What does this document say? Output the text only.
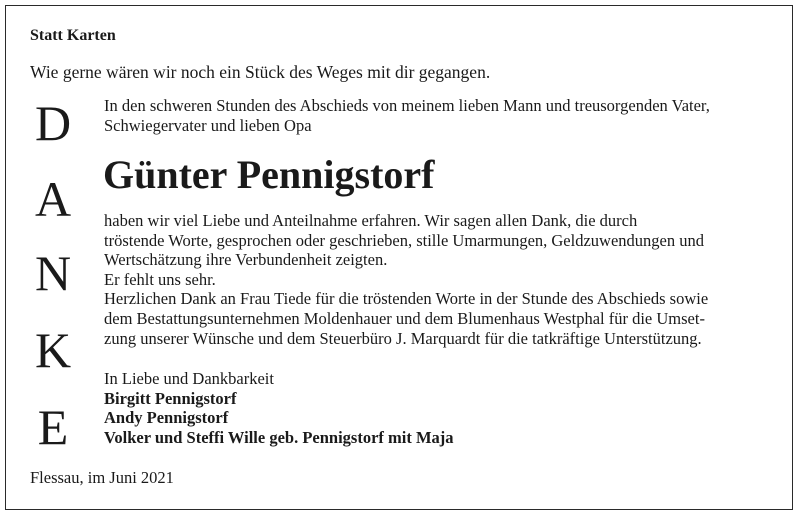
Statt Karten
Wie gerne wären wir noch ein Stück des Weges mit dir gegangen.
D
A
N
K
E
In den schweren Stunden des Abschieds von meinem lieben Mann und treusorgenden Vater,
Schwiegervater und lieben Opa
Günter Pennigstorf
haben wir viel Liebe und Anteilnahme erfahren. Wir sagen allen Dank, die durch
tröstende Worte, gesprochen oder geschrieben, stille Umarmungen, Geldzuwendungen und
Wertschätzung ihre Verbundenheit zeigten.
Er fehlt uns sehr.
Herzlichen Dank an Frau Tiede für die tröstenden Worte in der Stunde des Abschieds sowie
dem Bestattungsunternehmen Moldenhauer und dem Blumenhaus Westphal für die Umset-
zung unserer Wünsche und dem Steuerbüro J. Marquardt für die tatkräftige Unterstützung.
In Liebe und Dankbarkeit
Birgitt Pennigstorf
Andy Pennigstorf
Volker und Steffi Wille geb. Pennigstorf mit Maja
Flessau, im Juni 2021
